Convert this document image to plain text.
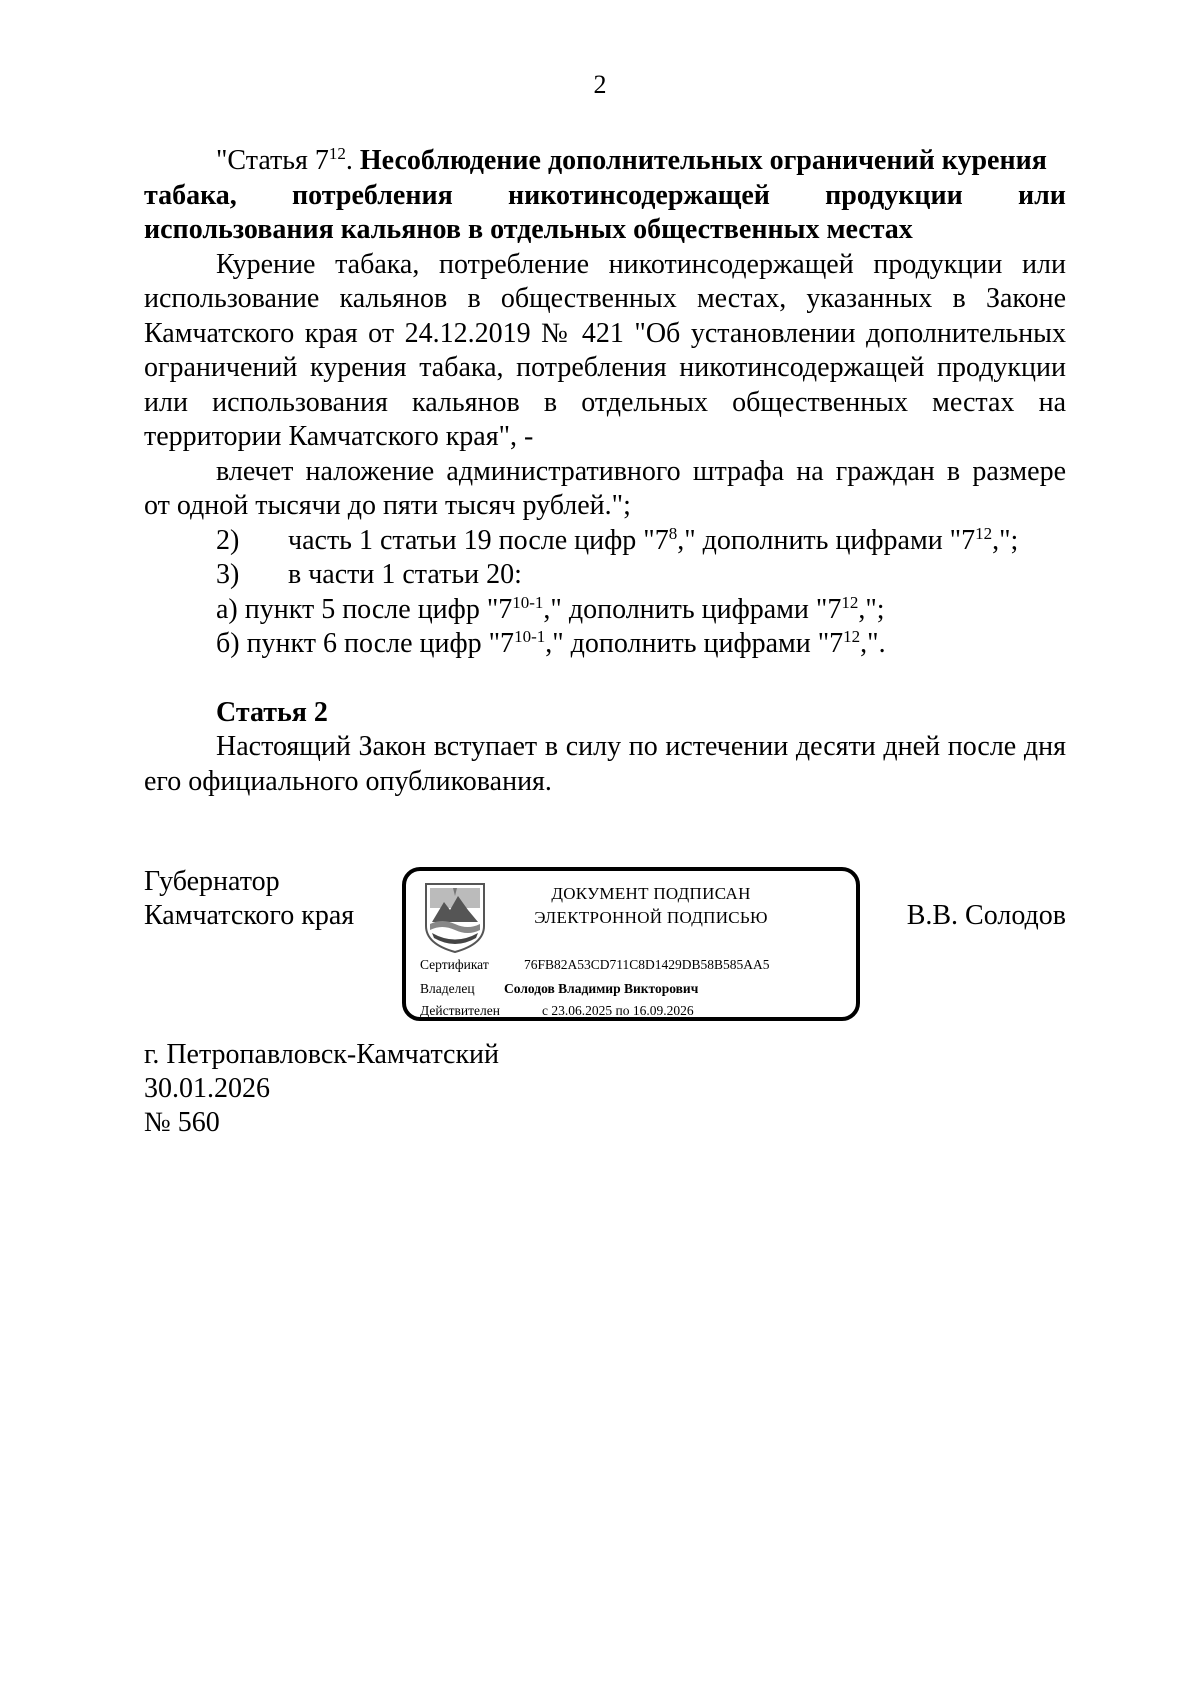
2
"Статья $7^{12}$. Несоблюдение дополнительных ограничений курения
табака, потребления никотинсодержащей продукции или
использования кальянов в отдельных общественных местах
Курение табака, потребление никотинсодержащей продукции или
использование кальянов в общественных местах, указанных в Законе
Камчатского края от 24.12.2019 № 421 "Об установлении дополнительных
ограничений курения табака, потребления никотинсодержащей продукции
или использования кальянов в отдельных общественных местах на
территории Камчатского края", -
влечет наложение административного штрафа на граждан в размере
от одной тысячи до пяти тысяч рублей.";
2)	часть 1 статьи 19 после цифр "$7^8$," дополнить цифрами "$7^{12}$,";
3)	в части 1 статьи 20:
а) пункт 5 после цифр "7$^{10-1}$," дополнить цифрами "$7^{12}$,";
б) пункт 6 после цифр "7$^{10-1}$," дополнить цифрами "$7^{12}$,".
Статья 2
Настоящий Закон вступает в силу по истечении десяти дней после дня
его официального опубликования.
Губернатор
Камчатского края
ДОКУМЕНТ ПОДПИСАН
ЭЛЕКТРОННОЙ ПОДПИСЬЮ
Сертификат	76FB82A53CD711C8D1429DB58B585AA5
Владелец Солодов Владимир Викторович
Действителен	с 23.06.2025 по 16.09.2026
В.В. Солодов
г. Петропавловск-Камчатский
30.01.2026
№ 560
